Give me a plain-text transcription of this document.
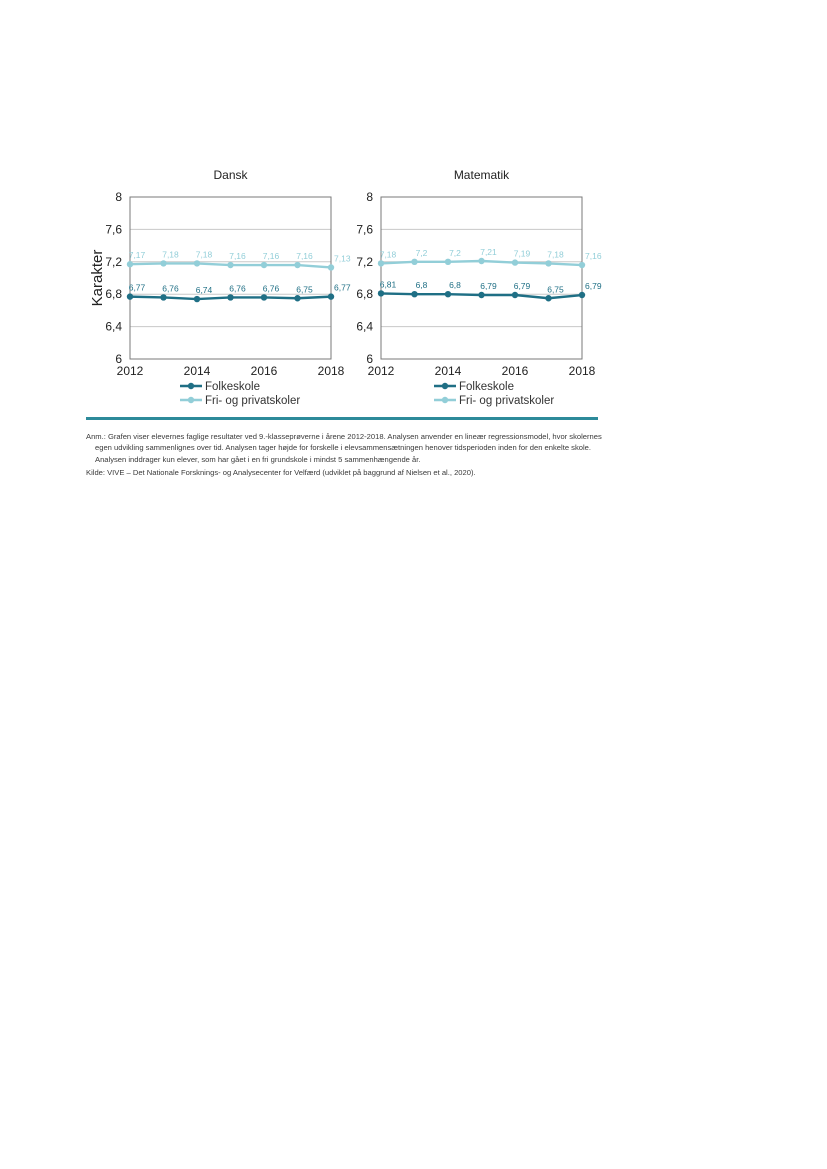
Karakter
Dansk
6
6,4
6,8
7,2
7,6
8
2012	2014	2016	2018
6,77 6,76 6,74 6,76 6,76 6,75 6,77
7,17 7,18 7,18 7,16 7,16 7,16 7,13
Folkeskole
Fri- og privatskoler
Matematik
6
6,4
6,8
7,2
7,6
8
2012	2014	2016	2018
6,81 6,8	6,8 6,79 6,79 6,75 6,79
7,18 7,2	7,2 7,21 7,19 7,18 7,16
Folkeskole
Fri- og privatskoler

Anm.: Grafen viser elevernes faglige resultater ved 9.-klasseprøverne i årene 2012-2018. Analysen anvender en lineær regressionsmodel, hvor skolernes egen udvikling sammenlignes over tid. Analysen tager højde for forskelle i elevsammensætningen henover tidsperioden inden for den enkelte skole. Analysen inddrager kun elever, som har gået i en fri grundskole i mindst 5 sammenhængende år.

Kilde: VIVE – Det Nationale Forsknings- og Analysecenter for Velfærd (udviklet på baggrund af Nielsen et al., 2020).
